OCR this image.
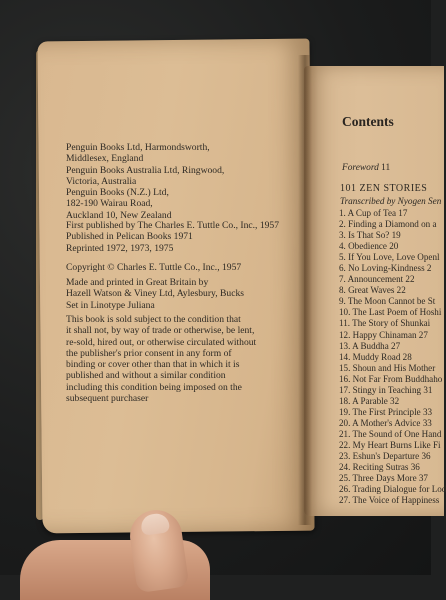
Penguin Books Ltd, Harmondsworth,
Middlesex, England
Penguin Books Australia Ltd, Ringwood,
Victoria, Australia
Penguin Books (N.Z.) Ltd,
182-190 Wairau Road,
Auckland 10, New Zealand
First published by The Charles E. Tuttle Co., Inc., 1957
Published in Pelican Books 1971
Reprinted 1972, 1973, 1975
Copyright © Charles E. Tuttle Co., Inc., 1957
Made and printed in Great Britain by
Hazell Watson & Viney Ltd, Aylesbury, Bucks
Set in Linotype Juliana
This book is sold subject to the condition that
it shall not, by way of trade or otherwise, be lent,
re-sold, hired out, or otherwise circulated without
the publisher's prior consent in any form of
binding or cover other than that in which it is
published and without a similar condition
including this condition being imposed on the
subsequent purchaser
Contents
Foreword 11
101 ZEN STORIES
Transcribed by Nyogen Sen
1. A Cup of Tea 17
2. Finding a Diamond on a
3. Is That So? 19
4. Obedience 20
5. If You Love, Love Openl
6. No Loving-Kindness 2
7. Announcement 22
8. Great Waves 22
9. The Moon Cannot be St
10. The Last Poem of Hoshi
11. The Story of Shunkai
12. Happy Chinaman 27
13. A Buddha 27
14. Muddy Road 28
15. Shoun and His Mother
16. Not Far From Buddhaho
17. Stingy in Teaching 31
18. A Parable 32
19. The First Principle 33
20. A Mother's Advice 33
21. The Sound of One Hand
22. My Heart Burns Like Fi
23. Eshun's Departure 36
24. Reciting Sutras 36
25. Three Days More 37
26. Trading Dialogue for Lod
27. The Voice of Happiness
